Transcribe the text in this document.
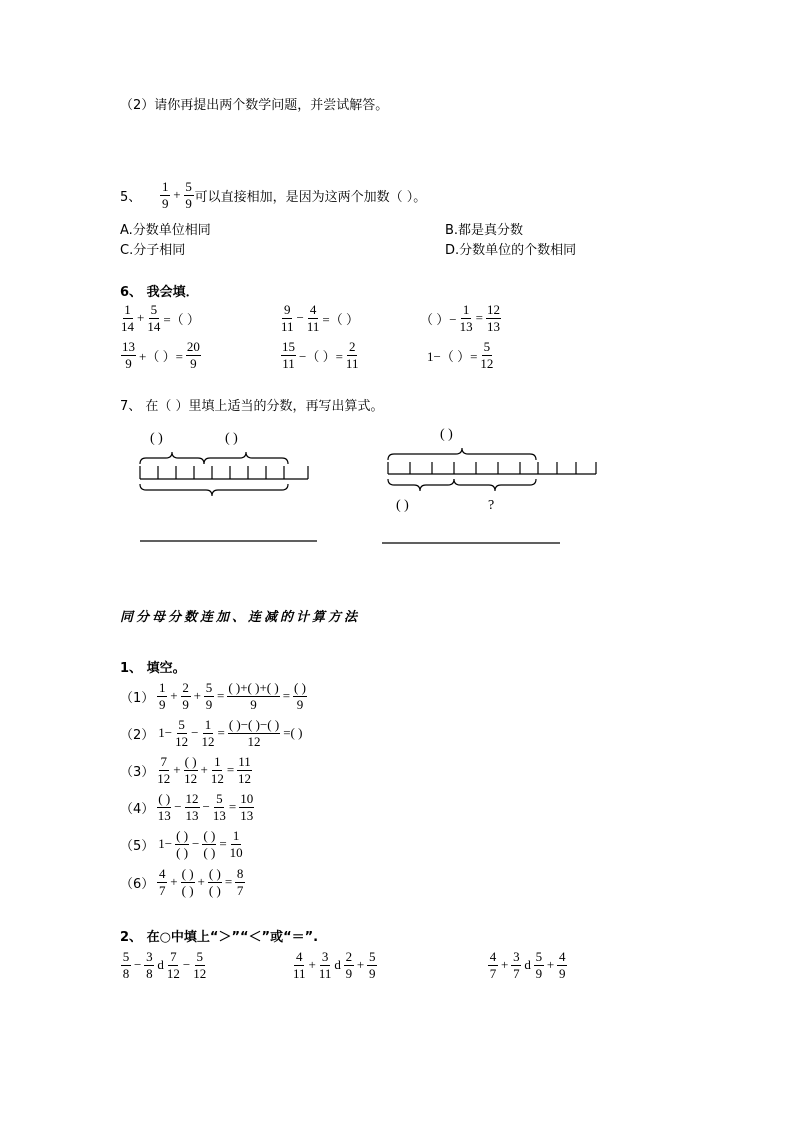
（2）请你再提出两个数学问题，并尝试解答。
5、 $\frac{1}{9} + \frac{5}{9}$ 可以直接相加，是因为这两个加数（ ）。
A.分数单位相同	B.都是真分数
C.分子相同	D.分数单位的个数相同
6、 我会填．
$\frac{1}{14} + \frac{5}{14}$ =（ ）	$\frac{9}{11} - \frac{4}{11}$ =（ ）	（ ）− $\frac{1}{13} = \frac{12}{13}$
$\frac{13}{9}$ +（ ）= $\frac{20}{9}$	$\frac{15}{11}$ −（ ）= $\frac{2}{11}$	1−（ ）= $\frac{5}{12}$
7、 在（ ）里填上适当的分数，再写出算式。
( )	( )	( )
( )	?
同分母分数连加、连减的计算方法
1、 填空。
$(1) \frac{1}{9} + \frac{2}{9} + \frac{5}{9} = \frac{( )+( )+( )}{9} = \frac{( )}{9}$
（2） $1- \frac{5}{12} - \frac{1}{12} = \frac{( )-( )-( )}{12}$ =( )
$(3) \frac{7}{12} + \frac{( )}{12} + \frac{1}{12} = \frac{11}{12}$
$(4) \frac{( )}{13} - \frac{12}{13} - \frac{5}{13} = \frac{10}{13}$
（5） $1- \frac{( )}{( )} - \frac{( )}{( )} = \frac{1}{10}$
$(6) \frac{4}{7} + \frac{( )}{( )} + \frac{( )}{( )} = \frac{8}{7}$
2、 在○中填上“＞”“＜”或“＝”.
$\frac{5}{8} - \frac{3}{8}$ d $\frac{7}{12} - \frac{5}{12}$	$\frac{4}{11} + \frac{3}{11}$ d $\frac{2}{9} + \frac{5}{9}$	$\frac{4}{7} + \frac{3}{7}$ d $\frac{5}{9} + \frac{4}{9}$
